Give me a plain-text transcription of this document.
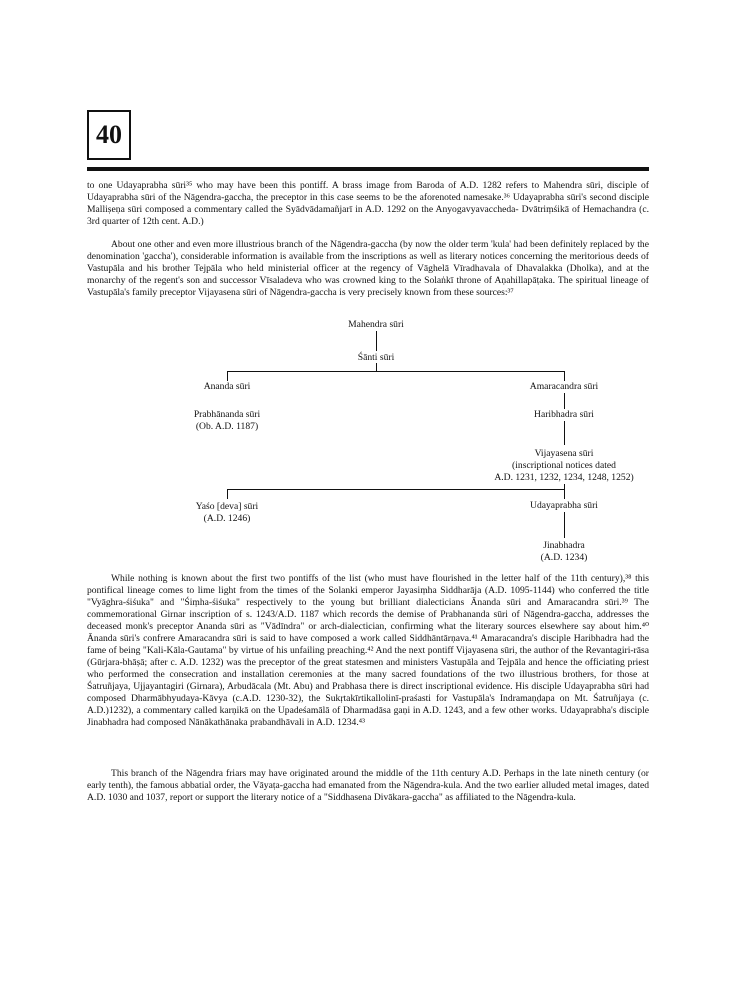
40

to one Udayaprabha sūri³⁵ who may have been this pontiff. A brass image from Baroda of A.D. 1282 refers to Mahendra sūri, disciple of Udayaprabha sūri of the Nāgendra-gaccha, the preceptor in this case seems to be the aforenoted namesake.³⁶ Udayaprabha sūri's second disciple Malliṣeṇa sūri composed a commentary called the Syādvādamañjarī in A.D. 1292 on the Anyogavyavaccheda- Dvātriṃśikā of Hemachandra (c. 3rd quarter of 12th cent. A.D.)

About one other and even more illustrious branch of the Nāgendra-gaccha (by now the older term 'kula' had been definitely replaced by the denomination 'gaccha'), considerable information is available from the inscriptions as well as literary notices concerning the meritorious deeds of Vastupāla and his brother Tejpāla who held ministerial officer at the regency of Vāghelā Vīradhavala of Dhavalakka (Dholka), and at the monarchy of the regent's son and successor Vīsaladeva who was crowned king to the Solaṅkī throne of Aṇahillapāṭaka. The spiritual lineage of Vastupāla's family preceptor Vijayasena sūri of Nāgendra-gaccha is very precisely known from these sources:³⁷

Mahendra sūri
Śānti sūri
Ananda sūri
Prabhānanda sūri
(Ob. A.D. 1187)
Amaracandra sūri
Haribhadra sūri
Vijayasena sūri
(inscriptional notices dated
A.D. 1231, 1232, 1234, 1248, 1252)
Yaśo [deva] sūri
(A.D. 1246)
Udayaprabha sūri
Jinabhadra
(A.D. 1234)

While nothing is known about the first two pontiffs of the list (who must have flourished in the letter half of the 11th century),³⁸ this pontifical lineage comes to lime light from the times of the Solanki emperor Jayasiṃha Siddharāja (A.D. 1095-1144) who conferred the title "Vyāghra-śiśuka" and "Śiṃha-śiśuka" respectively to the young but brilliant dialecticians Ānanda sūri and Amaracandra sūri.³⁹ The commemorational Girnar inscription of s. 1243/A.D. 1187 which records the demise of Prabhananda sūri of Nāgendra-gaccha, addresses the deceased monk's preceptor Ananda sūri as "Vādīndra" or arch-dialectician, confirming what the literary sources elsewhere say about him.⁴⁰ Ānanda sūri's confrere Amaracandra sūri is said to have composed a work called Siddhāntārṇava.⁴¹ Amaracandra's disciple Haribhadra had the fame of being "Kali-Kāla-Gautama" by virtue of his unfailing preaching.⁴² And the next pontiff Vijayasena sūri, the author of the Revantagiri-rāsa (Gūrjara-bhāṣā; after c. A.D. 1232) was the preceptor of the great statesmen and ministers Vastupāla and Tejpāla and hence the officiating priest who performed the consecration and installation ceremonies at the many sacred foundations of the two illustrious brothers, for those at Śatruñjaya, Ujjayantagiri (Girnara), Arbudācala (Mt. Abu) and Prabhasa there is direct inscriptional evidence. His disciple Udayaprabha sūri had composed Dharmābhyudaya-Kāvya (c.A.D. 1230-32), the Sukṛtakīrtikallolinī-praśasti for Vastupāla's Indramaṇḍapa on Mt. Śatruñjaya (c. A.D.)1232), a commentary called karṇikā on the Upadeśamālā of Dharmadāsa gaṇi in A.D. 1243, and a few other works. Udayaprabha's disciple Jinabhadra had composed Nānākathānaka prabandhāvali in A.D. 1234.⁴³

This branch of the Nāgendra friars may have originated around the middle of the 11th century A.D. Perhaps in the late nineth century (or early tenth), the famous abbatial order, the Vāyaṭa-gaccha had emanated from the Nāgendra-kula. And the two earlier alluded metal images, dated A.D. 1030 and 1037, report or support the literary notice of a "Siddhasena Divākara-gaccha" as affiliated to the Nāgendra-kula.
